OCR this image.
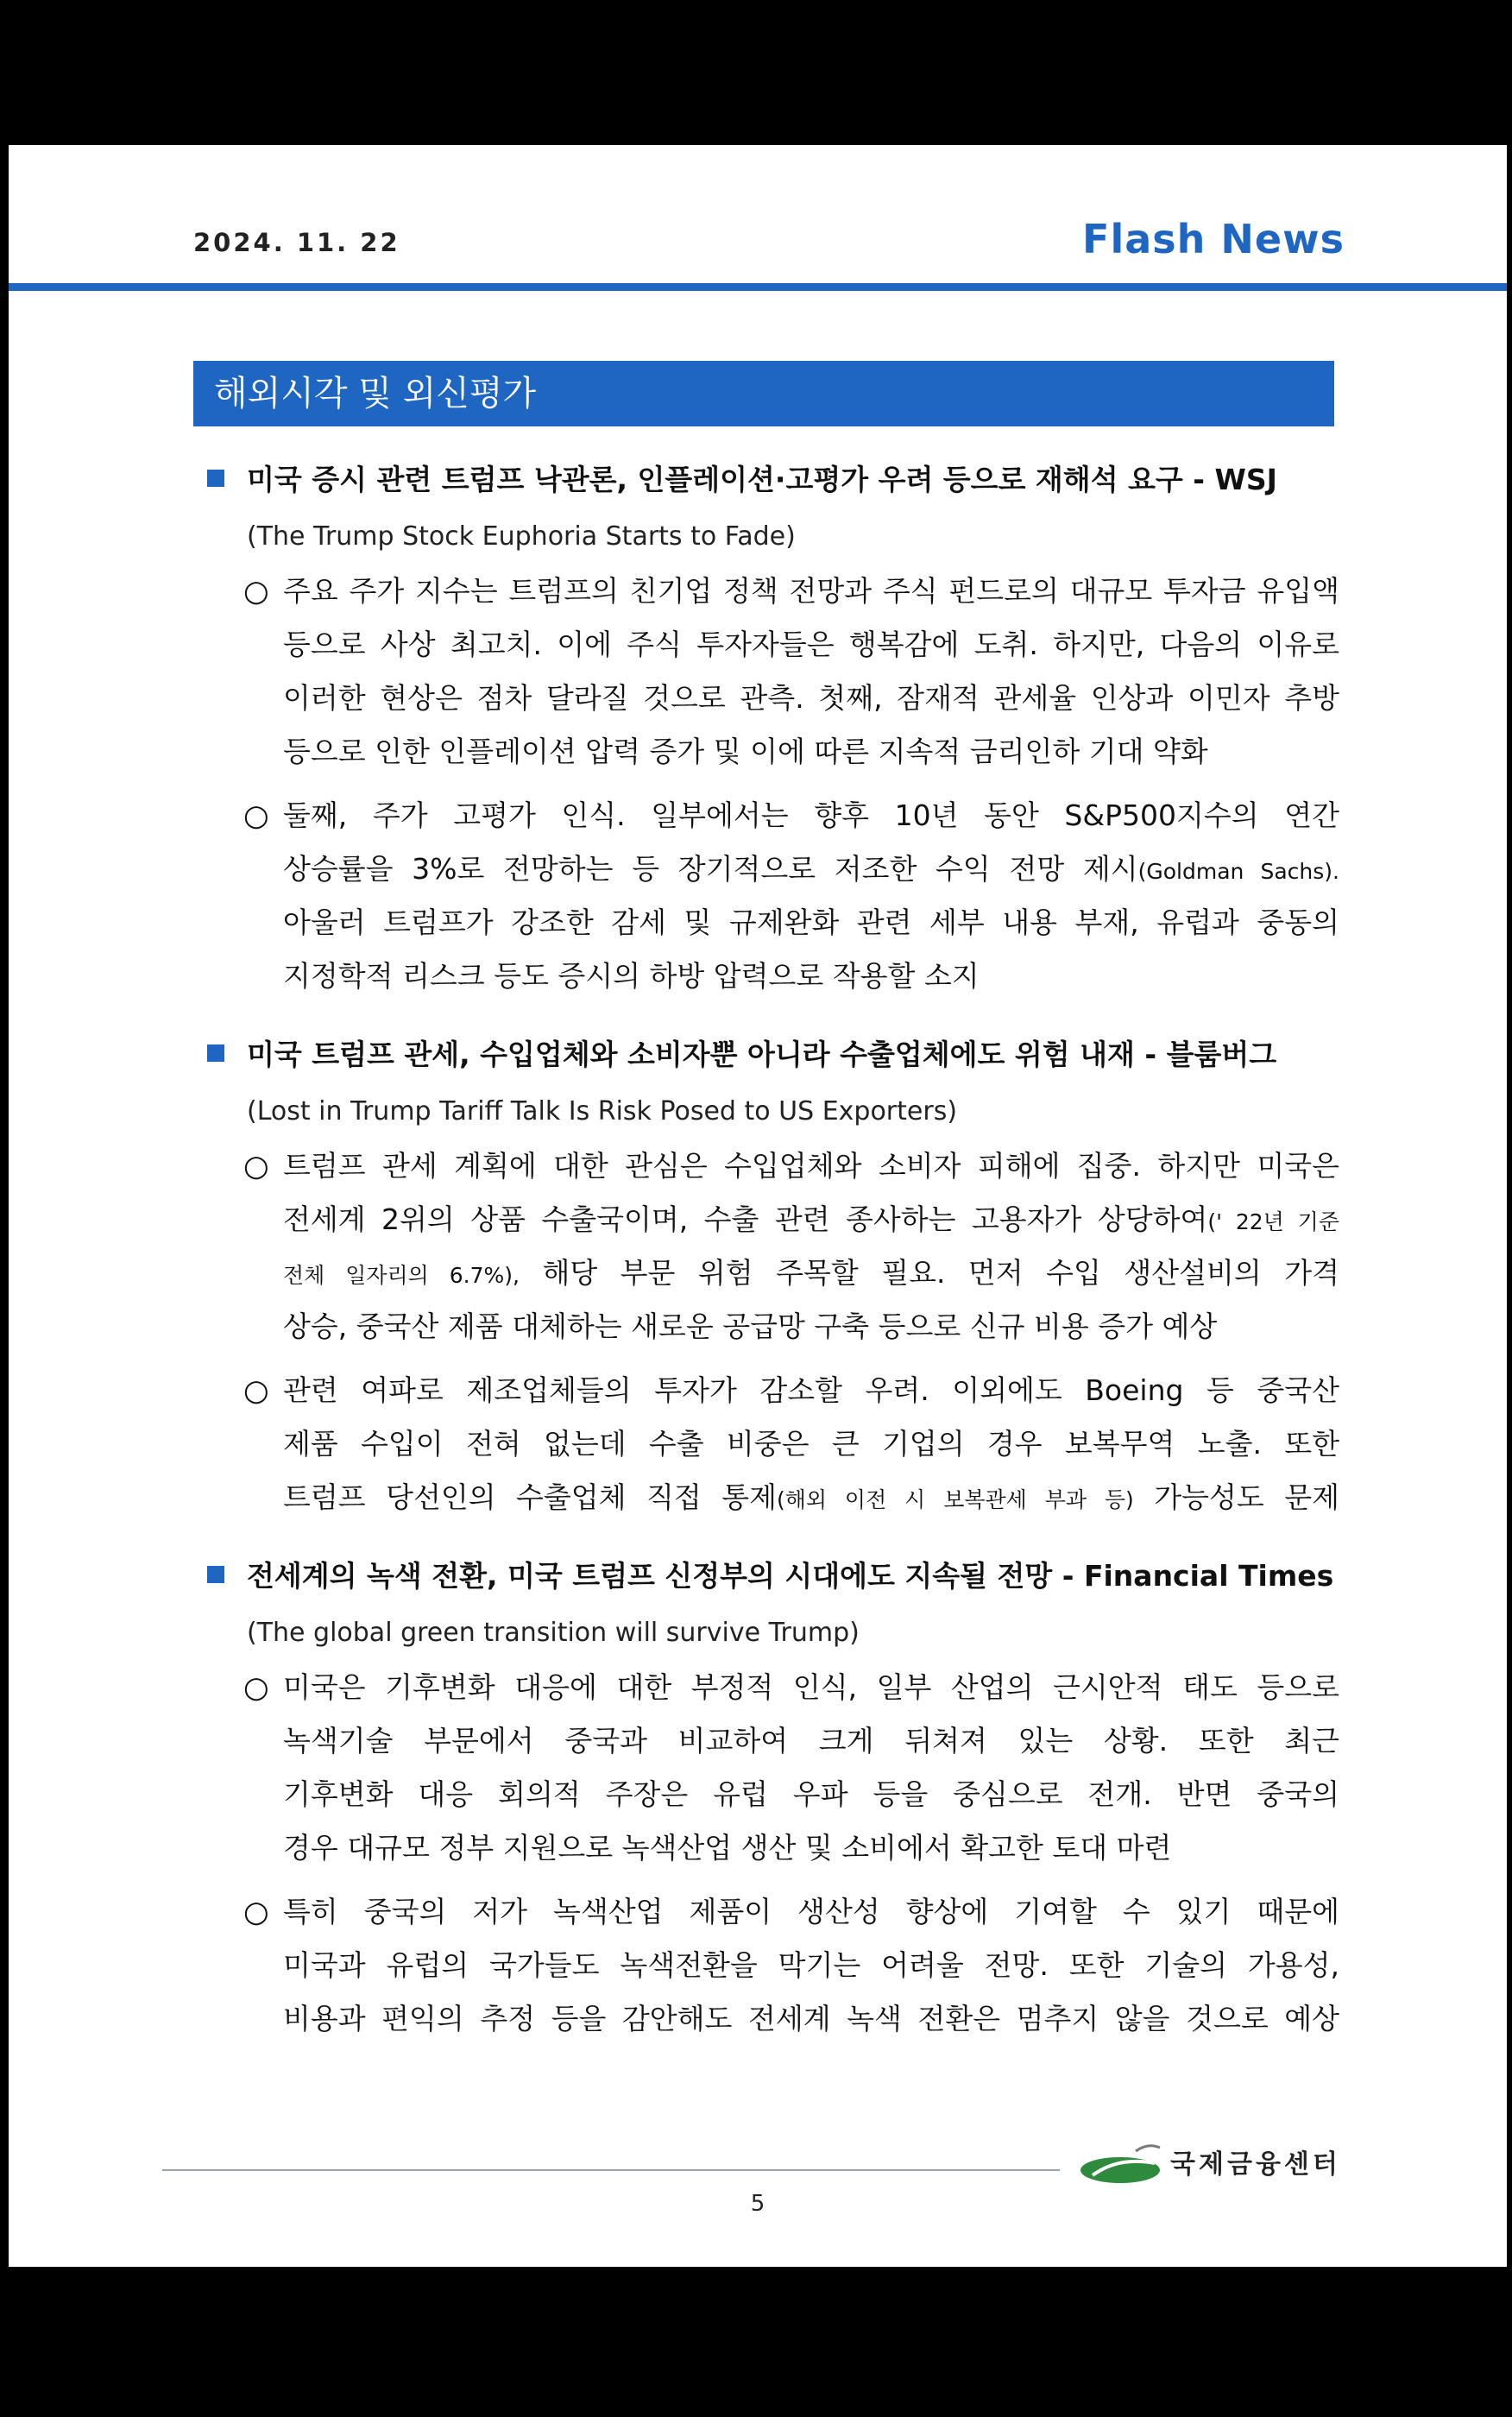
2024. 11. 22	Flash News
해외시각 및 외신평가
미국 증시 관련 트럼프 낙관론, 인플레이션·고평가 우려 등으로 재해석 요구 - WSJ
(The Trump Stock Euphoria Starts to Fade)
○ 주요 주가 지수는 트럼프의 친기업 정책 전망과 주식 펀드로의 대규모 투자금 유입액
등으로 사상 최고치. 이에 주식 투자자들은 행복감에 도취. 하지만, 다음의 이유로
이러한 현상은 점차 달라질 것으로 관측. 첫째, 잠재적 관세율 인상과 이민자 추방
등으로 인한 인플레이션 압력 증가 및 이에 따른 지속적 금리인하 기대 약화
○ 둘째, 주가 고평가 인식. 일부에서는 향후 10년 동안 S&P500지수의 연간
상승률을 3%로 전망하는 등 장기적으로 저조한 수익 전망 제시(Goldman Sachs).
아울러 트럼프가 강조한 감세 및 규제완화 관련 세부 내용 부재, 유럽과 중동의
지정학적 리스크 등도 증시의 하방 압력으로 작용할 소지
미국 트럼프 관세, 수입업체와 소비자뿐 아니라 수출업체에도 위험 내재 - 블룸버그
(Lost in Trump Tariff Talk Is Risk Posed to US Exporters)
○ 트럼프 관세 계획에 대한 관심은 수입업체와 소비자 피해에 집중. 하지만 미국은
전세계 2위의 상품 수출국이며, 수출 관련 종사하는 고용자가 상당하여(' 22년 기준
전체 일자리의 6.7%), 해당 부문 위험 주목할 필요. 먼저 수입 생산설비의 가격
상승, 중국산 제품 대체하는 새로운 공급망 구축 등으로 신규 비용 증가 예상
○ 관련 여파로 제조업체들의 투자가 감소할 우려. 이외에도 Boeing 등 중국산
제품 수입이 전혀 없는데 수출 비중은 큰 기업의 경우 보복무역 노출. 또한
트럼프 당선인의 수출업체 직접 통제(해외 이전 시 보복관세 부과 등) 가능성도 문제
전세계의 녹색 전환, 미국 트럼프 신정부의 시대에도 지속될 전망 - Financial Times
(The global green transition will survive Trump)
○ 미국은 기후변화 대응에 대한 부정적 인식, 일부 산업의 근시안적 태도 등으로
녹색기술 부문에서 중국과 비교하여 크게 뒤쳐져 있는 상황. 또한 최근
기후변화 대응 회의적 주장은 유럽 우파 등을 중심으로 전개. 반면 중국의
경우 대규모 정부 지원으로 녹색산업 생산 및 소비에서 확고한 토대 마련
○ 특히 중국의 저가 녹색산업 제품이 생산성 향상에 기여할 수 있기 때문에
미국과 유럽의 국가들도 녹색전환을 막기는 어려울 전망. 또한 기술의 가용성,
비용과 편익의 추정 등을 감안해도 전세계 녹색 전환은 멈추지 않을 것으로 예상
국제금융센터
5
